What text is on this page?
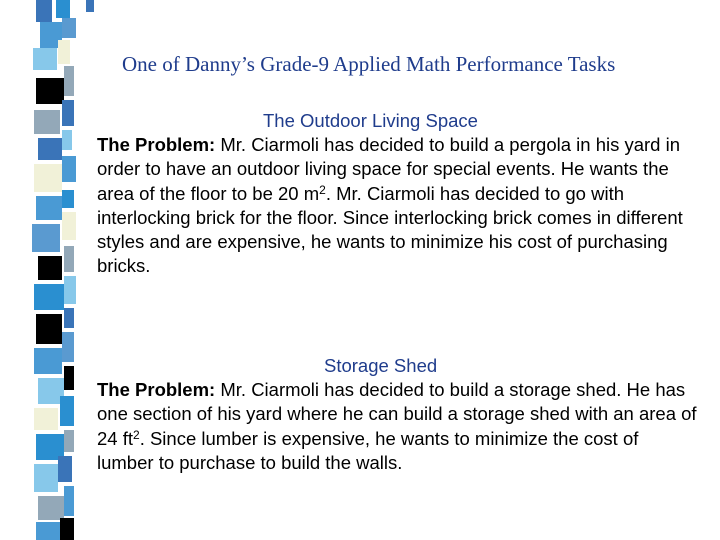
One of Danny’s Grade-9 Applied Math Performance Tasks
The Outdoor Living Space
The Problem: Mr. Ciarmoli has decided to build a pergola in his yard in order to have an outdoor living space for special events. He wants the area of the floor to be 20 $m^2$. Mr. Ciarmoli has decided to go with interlocking brick for the floor. Since interlocking brick comes in different styles and are expensive, he wants to minimize his cost of purchasing bricks.
Storage Shed
The Problem: Mr. Ciarmoli has decided to build a storage shed. He has one section of his yard where he can build a storage shed with an area of 24 $ft^2$. Since lumber is expensive, he wants to minimize the cost of lumber to purchase to build the walls.
